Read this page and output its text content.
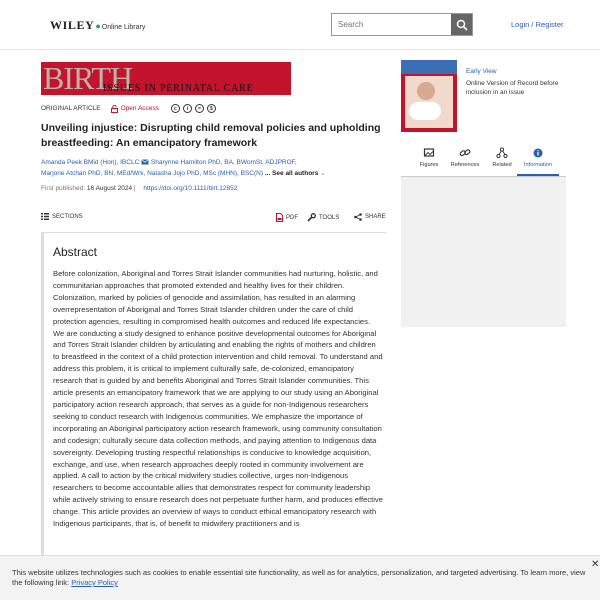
WILEY ● Online Library
Search	Login / Register
BIRTH
ISSUES IN PERINATAL CARE
ORIGINAL ARTICLE	Open Access	c	i	=	$
Unveiling injustice: Disrupting child removal policies and upholding breastfeeding: An emancipatory framework
Amanda Peek BMid (Hon), IBCLC Sharynne Hamilton PhD, BA, BWomSt, ADJPROF,
Marjorie Atchan PhD, BN, MEd/Wrk, Natasha Jojo PhD, MSc (MHN), BSC(N) ... See all authors ⌄
First published: 16 August 2024 | https://doi.org/10.1111/birt.12852
SECTIONS	PDF	TOOLS	SHARE
Abstract
Before colonization, Aboriginal and Torres Strait Islander communities had nurturing, holistic, and communitarian approaches that promoted extended and healthy lives for their children. Colonization, marked by policies of genocide and assimilation, has resulted in an alarming overrepresentation of Aboriginal and Torres Strait Islander children under the care of child protection agencies, resulting in compromised health outcomes and reduced life expectancies. We are conducting a study designed to enhance positive developmental outcomes for Aboriginal and Torres Strait Islander children by articulating and enabling the rights of mothers and children to breastfeed in the context of a child protection intervention and child removal. To understand and address this problem, it is critical to implement culturally safe, de-colonized, emancipatory research that is guided by and benefits Aboriginal and Torres Strait Islander communities. This article presents an emancipatory framework that we are applying to our study using an Aboriginal participatory action research approach, that serves as a guide for non-Indigenous researchers seeking to conduct research with Indigenous communities. We emphasize the importance of incorporating an Aboriginal participatory action research framework, using community consultation and codesign; culturally secure data collection methods, and paying attention to Indigenous data sovereignty. Developing trusting respectful relationships is conducive to knowledge acquisition, exchange, and use, when research approaches deeply rooted in community involvement are applied. A call to action by the critical midwifery studies collective, urges non-Indigenous researchers to become accountable allies that demonstrates respect for community leadership while actively striving to ensure research does not perpetuate further harm, and produces effective change. This article provides an overview of ways to conduct ethical emancipatory research with Indigenous participants, that is, of benefit to midwifery practitioners and is
Early View
Online Version of Record before inclusion in an issue
Figures	References	Related	Information
This website utilizes technologies such as cookies to enable essential site functionality, as well as for analytics, personalization, and targeted advertising. To learn more, view the following link: Privacy Policy
✕
